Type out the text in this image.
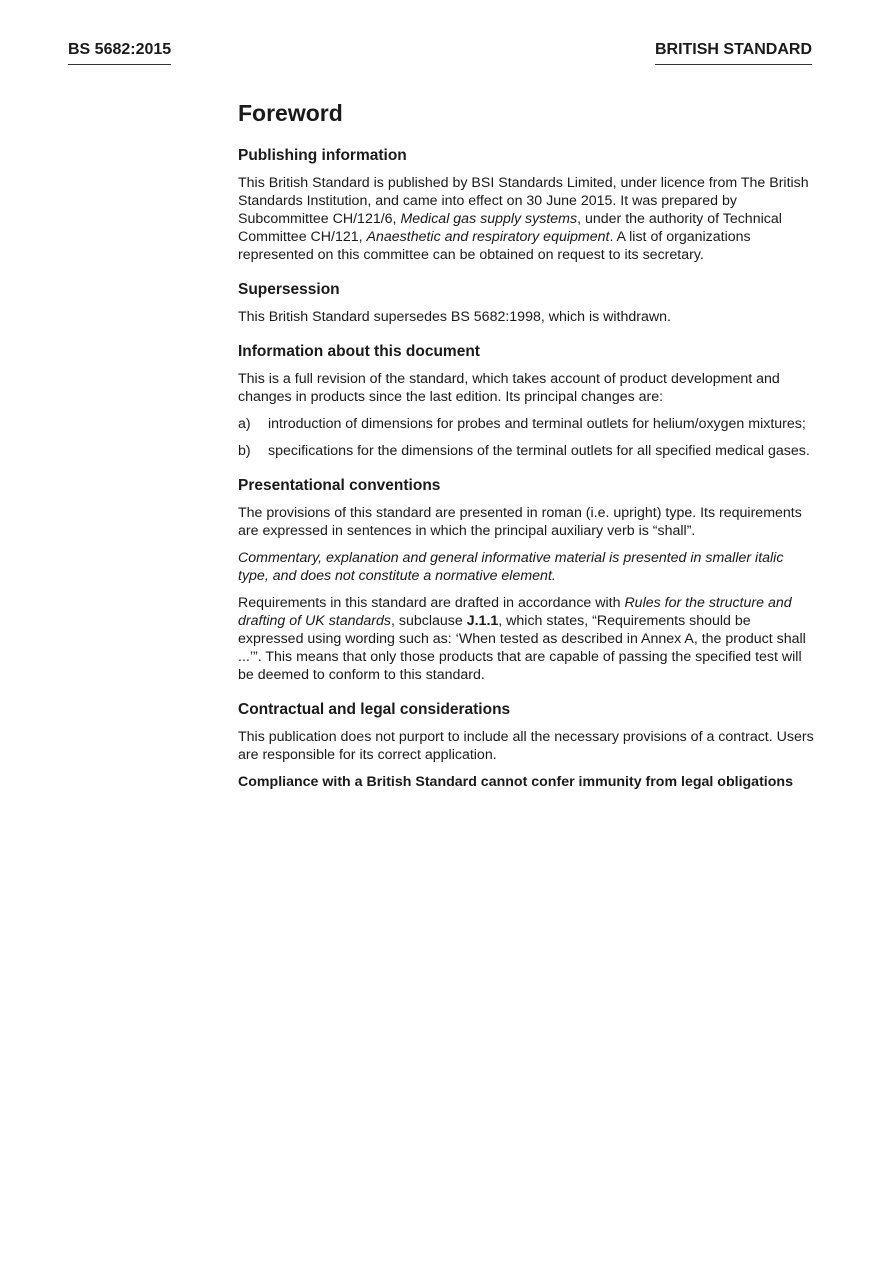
BS 5682:2015	BRITISH STANDARD
Foreword
Publishing information

This British Standard is published by BSI Standards Limited, under licence from The British Standards Institution, and came into effect on 30 June 2015. It was prepared by Subcommittee CH/121/6, Medical gas supply systems, under the authority of Technical Committee CH/121, Anaesthetic and respiratory equipment. A list of organizations represented on this committee can be obtained on request to its secretary.

Supersession

This British Standard supersedes BS 5682:1998, which is withdrawn.

Information about this document

This is a full revision of the standard, which takes account of product development and changes in products since the last edition. Its principal changes are:

a)	introduction of dimensions for probes and terminal outlets for helium/oxygen mixtures;
b)	specifications for the dimensions of the terminal outlets for all specified medical gases.
Presentational conventions

The provisions of this standard are presented in roman (i.e. upright) type. Its requirements are expressed in sentences in which the principal auxiliary verb is “shall”.

Commentary, explanation and general informative material is presented in smaller italic type, and does not constitute a normative element.

Requirements in this standard are drafted in accordance with Rules for the structure and drafting of UK standards, subclause J.1.1, which states, “Requirements should be expressed using wording such as: ‘When tested as described in Annex A, the product shall ...’”. This means that only those products that are capable of passing the specified test will be deemed to conform to this standard.

Contractual and legal considerations

This publication does not purport to include all the necessary provisions of a contract. Users are responsible for its correct application.

Compliance with a British Standard cannot confer immunity from legal obligations
